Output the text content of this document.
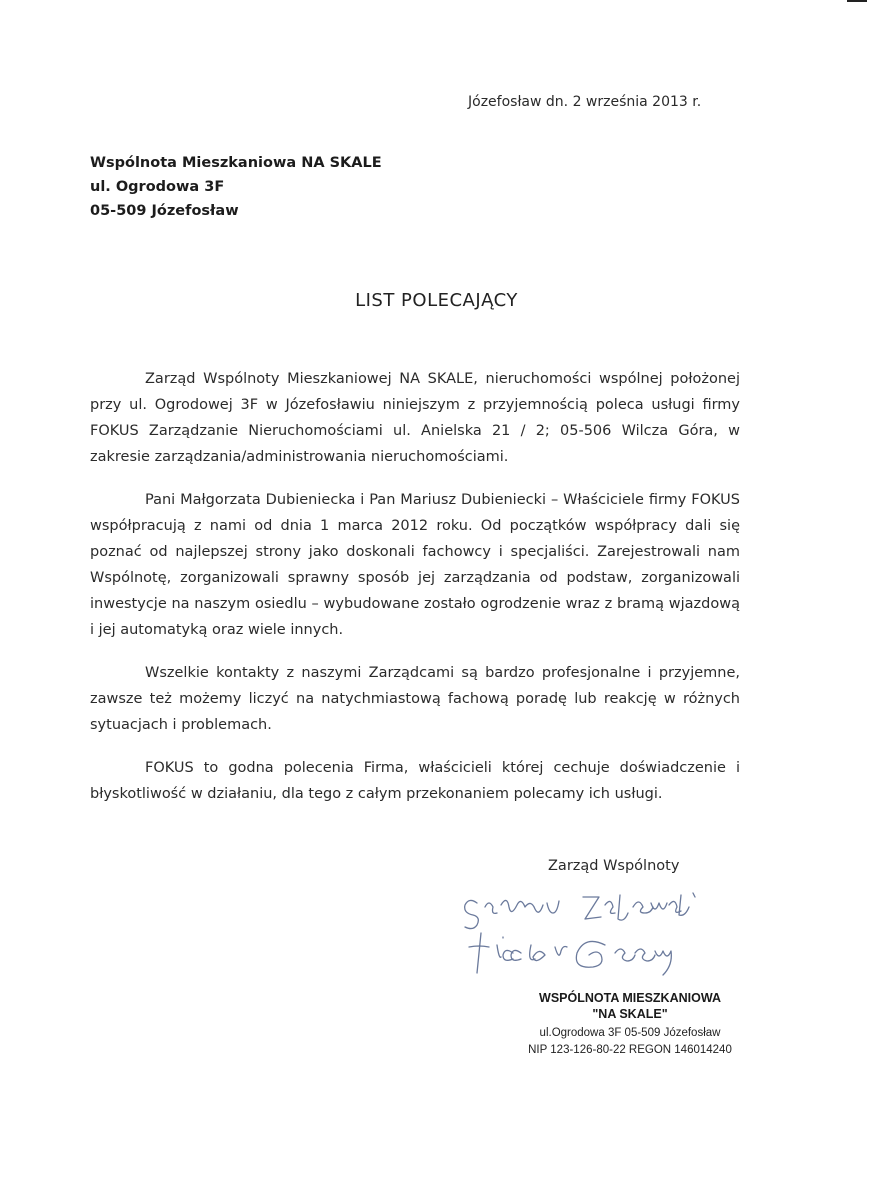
Józefosław dn. 2 września 2013 r.
Wspólnota Mieszkaniowa NA SKALE
ul. Ogrodowa 3F
05-509 Józefosław
LIST POLECAJĄCY

Zarząd Wspólnoty Mieszkaniowej NA SKALE, nieruchomości wspólnej położonej przy ul. Ogrodowej 3F w Józefosławiu niniejszym z przyjemnością poleca usługi firmy FOKUS Zarządzanie Nieruchomościami ul. Anielska 21 / 2; 05-506 Wilcza Góra, w zakresie zarządzania/administrowania nieruchomościami.

Pani Małgorzata Dubieniecka i Pan Mariusz Dubieniecki – Właściciele firmy FOKUS współpracują z nami od dnia 1 marca 2012 roku. Od początków współpracy dali się poznać od najlepszej strony jako doskonali fachowcy i specjaliści. Zarejestrowali nam Wspólnotę, zorganizowali sprawny sposób jej zarządzania od podstaw, zorganizowali inwestycje na naszym osiedlu – wybudowane zostało ogrodzenie wraz z bramą wjazdową i jej automatyką oraz wiele innych.

Wszelkie kontakty z naszymi Zarządcami są bardzo profesjonalne i przyjemne, zawsze też możemy liczyć na natychmiastową fachową poradę lub reakcję w różnych sytuacjach i problemach.

FOKUS to godna polecenia Firma, właścicieli której cechuje doświadczenie i błyskotliwość w działaniu, dla tego z całym przekonaniem polecamy ich usługi.

Zarząd Wspólnoty
WSPÓLNOTA MIESZKANIOWA
"NA SKALE"
ul.Ogrodowa 3F 05-509 Józefosław
NIP 123-126-80-22 REGON 146014240
